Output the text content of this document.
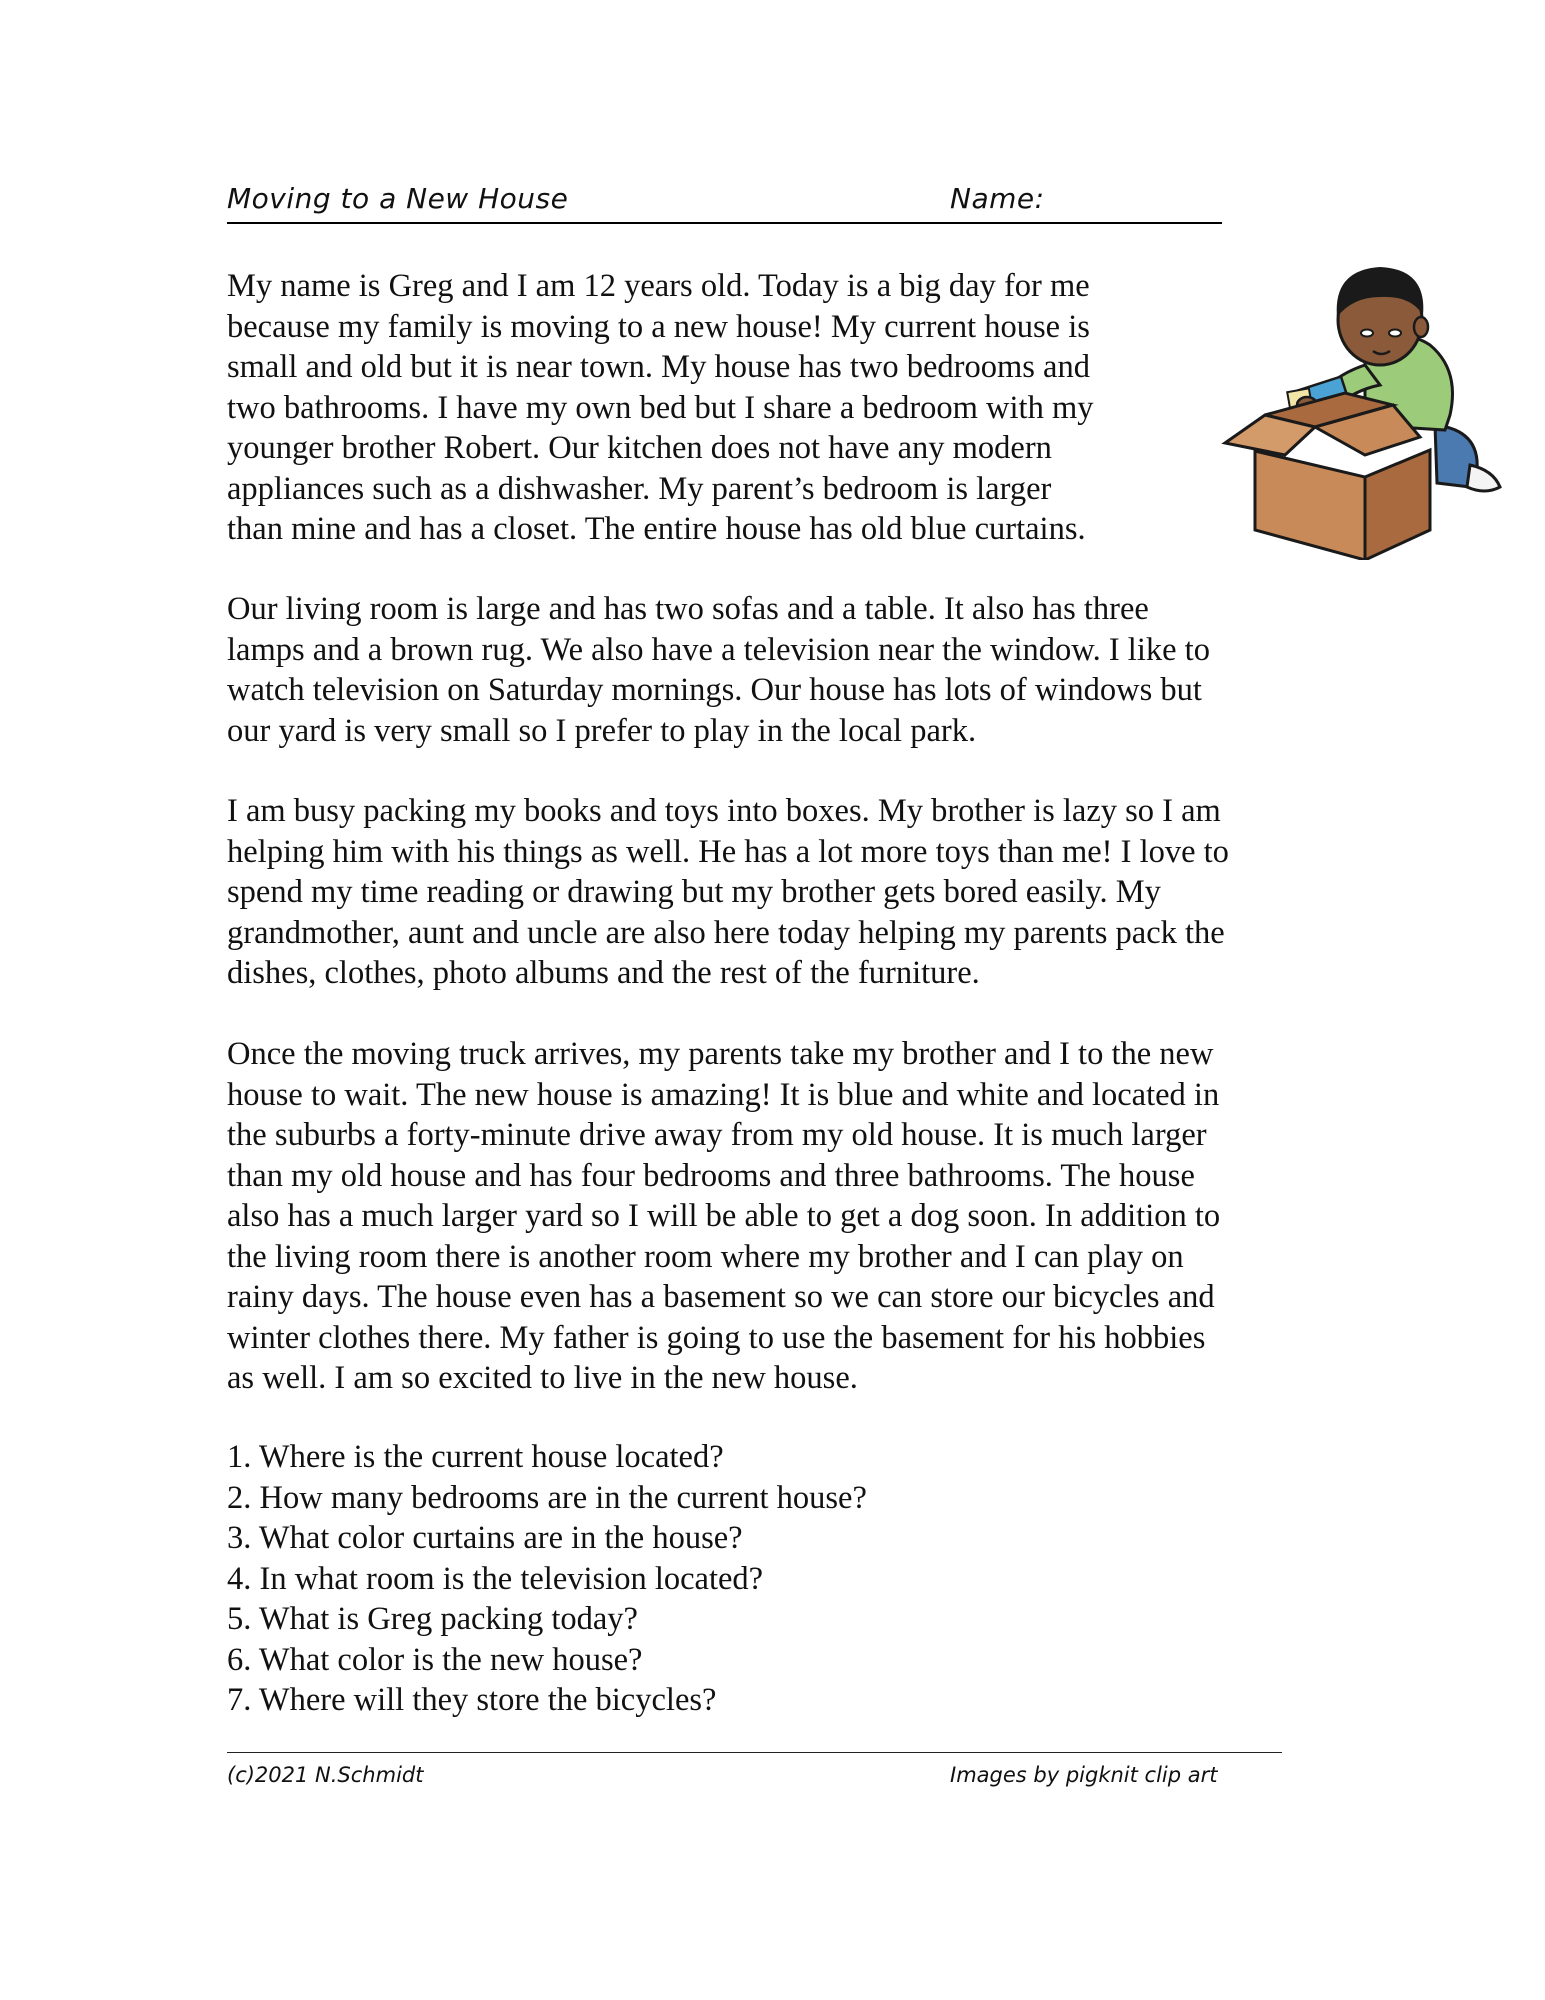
Moving to a New House	Name:

My name is Greg and I am 12 years old. Today is a big day for me
because my family is moving to a new house! My current house is
small and old but it is near town. My house has two bedrooms and
two bathrooms. I have my own bed but I share a bedroom with my
younger brother Robert. Our kitchen does not have any modern
appliances such as a dishwasher. My parent’s bedroom is larger
than mine and has a closet. The entire house has old blue curtains.

Our living room is large and has two sofas and a table. It also has three
lamps and a brown rug. We also have a television near the window. I like to
watch television on Saturday mornings. Our house has lots of windows but
our yard is very small so I prefer to play in the local park.

I am busy packing my books and toys into boxes. My brother is lazy so I am
helping him with his things as well. He has a lot more toys than me! I love to
spend my time reading or drawing but my brother gets bored easily. My
grandmother, aunt and uncle are also here today helping my parents pack the
dishes, clothes, photo albums and the rest of the furniture.

Once the moving truck arrives, my parents take my brother and I to the new
house to wait. The new house is amazing! It is blue and white and located in
the suburbs a forty-minute drive away from my old house. It is much larger
than my old house and has four bedrooms and three bathrooms. The house
also has a much larger yard so I will be able to get a dog soon. In addition to
the living room there is another room where my brother and I can play on
rainy days. The house even has a basement so we can store our bicycles and
winter clothes there. My father is going to use the basement for his hobbies
as well. I am so excited to live in the new house.

1. Where is the current house located?
2. How many bedrooms are in the current house?
3. What color curtains are in the house?
4. In what room is the television located?
5. What is Greg packing today?
6. What color is the new house?
7. Where will they store the bicycles?
(c)2021 N.Schmidt	Images by pigknit clip art
